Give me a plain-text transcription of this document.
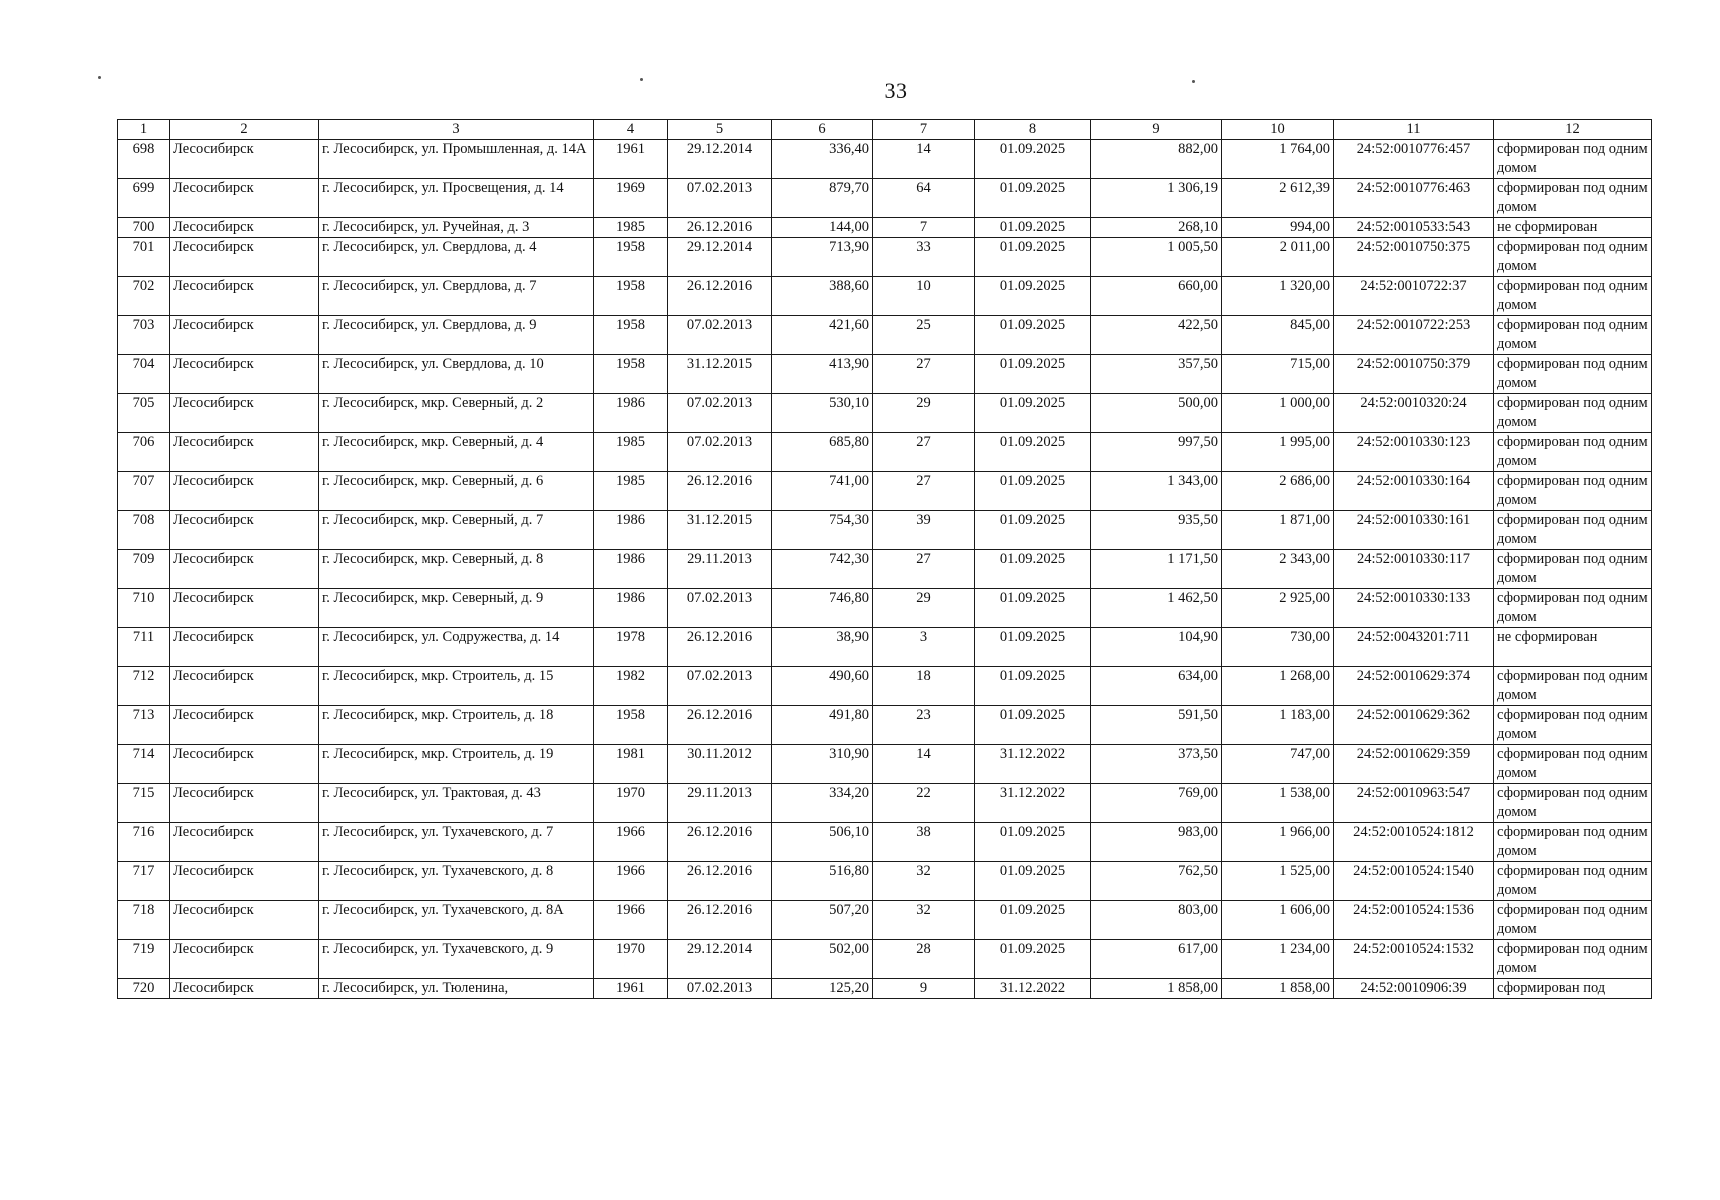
33
1	2	3	4	5	6	7	8	9	10	11	12
698	Лесосибирск	г. Лесосибирск, ул. Промышленная, д. 14А	1961	29.12.2014	336,40	14	01.09.2025	882,00	1 764,00	24:52:0010776:457	сформирован под одним домом
699	Лесосибирск	г. Лесосибирск, ул. Просвещения, д. 14	1969	07.02.2013	879,70	64	01.09.2025	1 306,19	2 612,39	24:52:0010776:463	сформирован под одним домом
700	Лесосибирск	г. Лесосибирск, ул. Ручейная, д. 3	1985	26.12.2016	144,00	7	01.09.2025	268,10	994,00	24:52:0010533:543	не сформирован
701	Лесосибирск	г. Лесосибирск, ул. Свердлова, д. 4	1958	29.12.2014	713,90	33	01.09.2025	1 005,50	2 011,00	24:52:0010750:375	сформирован под одним домом
702	Лесосибирск	г. Лесосибирск, ул. Свердлова, д. 7	1958	26.12.2016	388,60	10	01.09.2025	660,00	1 320,00	24:52:0010722:37	сформирован под одним домом
703	Лесосибирск	г. Лесосибирск, ул. Свердлова, д. 9	1958	07.02.2013	421,60	25	01.09.2025	422,50	845,00	24:52:0010722:253	сформирован под одним домом
704	Лесосибирск	г. Лесосибирск, ул. Свердлова, д. 10	1958	31.12.2015	413,90	27	01.09.2025	357,50	715,00	24:52:0010750:379	сформирован под одним домом
705	Лесосибирск	г. Лесосибирск, мкр. Северный, д. 2	1986	07.02.2013	530,10	29	01.09.2025	500,00	1 000,00	24:52:0010320:24	сформирован под одним домом
706	Лесосибирск	г. Лесосибирск, мкр. Северный, д. 4	1985	07.02.2013	685,80	27	01.09.2025	997,50	1 995,00	24:52:0010330:123	сформирован под одним домом
707	Лесосибирск	г. Лесосибирск, мкр. Северный, д. 6	1985	26.12.2016	741,00	27	01.09.2025	1 343,00	2 686,00	24:52:0010330:164	сформирован под одним домом
708	Лесосибирск	г. Лесосибирск, мкр. Северный, д. 7	1986	31.12.2015	754,30	39	01.09.2025	935,50	1 871,00	24:52:0010330:161	сформирован под одним домом
709	Лесосибирск	г. Лесосибирск, мкр. Северный, д. 8	1986	29.11.2013	742,30	27	01.09.2025	1 171,50	2 343,00	24:52:0010330:117	сформирован под одним домом
710	Лесосибирск	г. Лесосибирск, мкр. Северный, д. 9	1986	07.02.2013	746,80	29	01.09.2025	1 462,50	2 925,00	24:52:0010330:133	сформирован под одним домом
711	Лесосибирск	г. Лесосибирск, ул. Содружества, д. 14	1978	26.12.2016	38,90	3	01.09.2025	104,90	730,00	24:52:0043201:711	не сформирован
712	Лесосибирск	г. Лесосибирск, мкр. Строитель, д. 15	1982	07.02.2013	490,60	18	01.09.2025	634,00	1 268,00	24:52:0010629:374	сформирован под одним домом
713	Лесосибирск	г. Лесосибирск, мкр. Строитель, д. 18	1958	26.12.2016	491,80	23	01.09.2025	591,50	1 183,00	24:52:0010629:362	сформирован под одним домом
714	Лесосибирск	г. Лесосибирск, мкр. Строитель, д. 19	1981	30.11.2012	310,90	14	31.12.2022	373,50	747,00	24:52:0010629:359	сформирован под одним домом
715	Лесосибирск	г. Лесосибирск, ул. Трактовая, д. 43	1970	29.11.2013	334,20	22	31.12.2022	769,00	1 538,00	24:52:0010963:547	сформирован под одним домом
716	Лесосибирск	г. Лесосибирск, ул. Тухачевского, д. 7	1966	26.12.2016	506,10	38	01.09.2025	983,00	1 966,00	24:52:0010524:1812	сформирован под одним домом
717	Лесосибирск	г. Лесосибирск, ул. Тухачевского, д. 8	1966	26.12.2016	516,80	32	01.09.2025	762,50	1 525,00	24:52:0010524:1540	сформирован под одним домом
718	Лесосибирск	г. Лесосибирск, ул. Тухачевского, д. 8А	1966	26.12.2016	507,20	32	01.09.2025	803,00	1 606,00	24:52:0010524:1536	сформирован под одним домом
719	Лесосибирск	г. Лесосибирск, ул. Тухачевского, д. 9	1970	29.12.2014	502,00	28	01.09.2025	617,00	1 234,00	24:52:0010524:1532	сформирован под одним домом
720	Лесосибирск	г. Лесосибирск, ул. Тюленина,	1961	07.02.2013	125,20	9	31.12.2022	1 858,00	1 858,00	24:52:0010906:39	сформирован под
